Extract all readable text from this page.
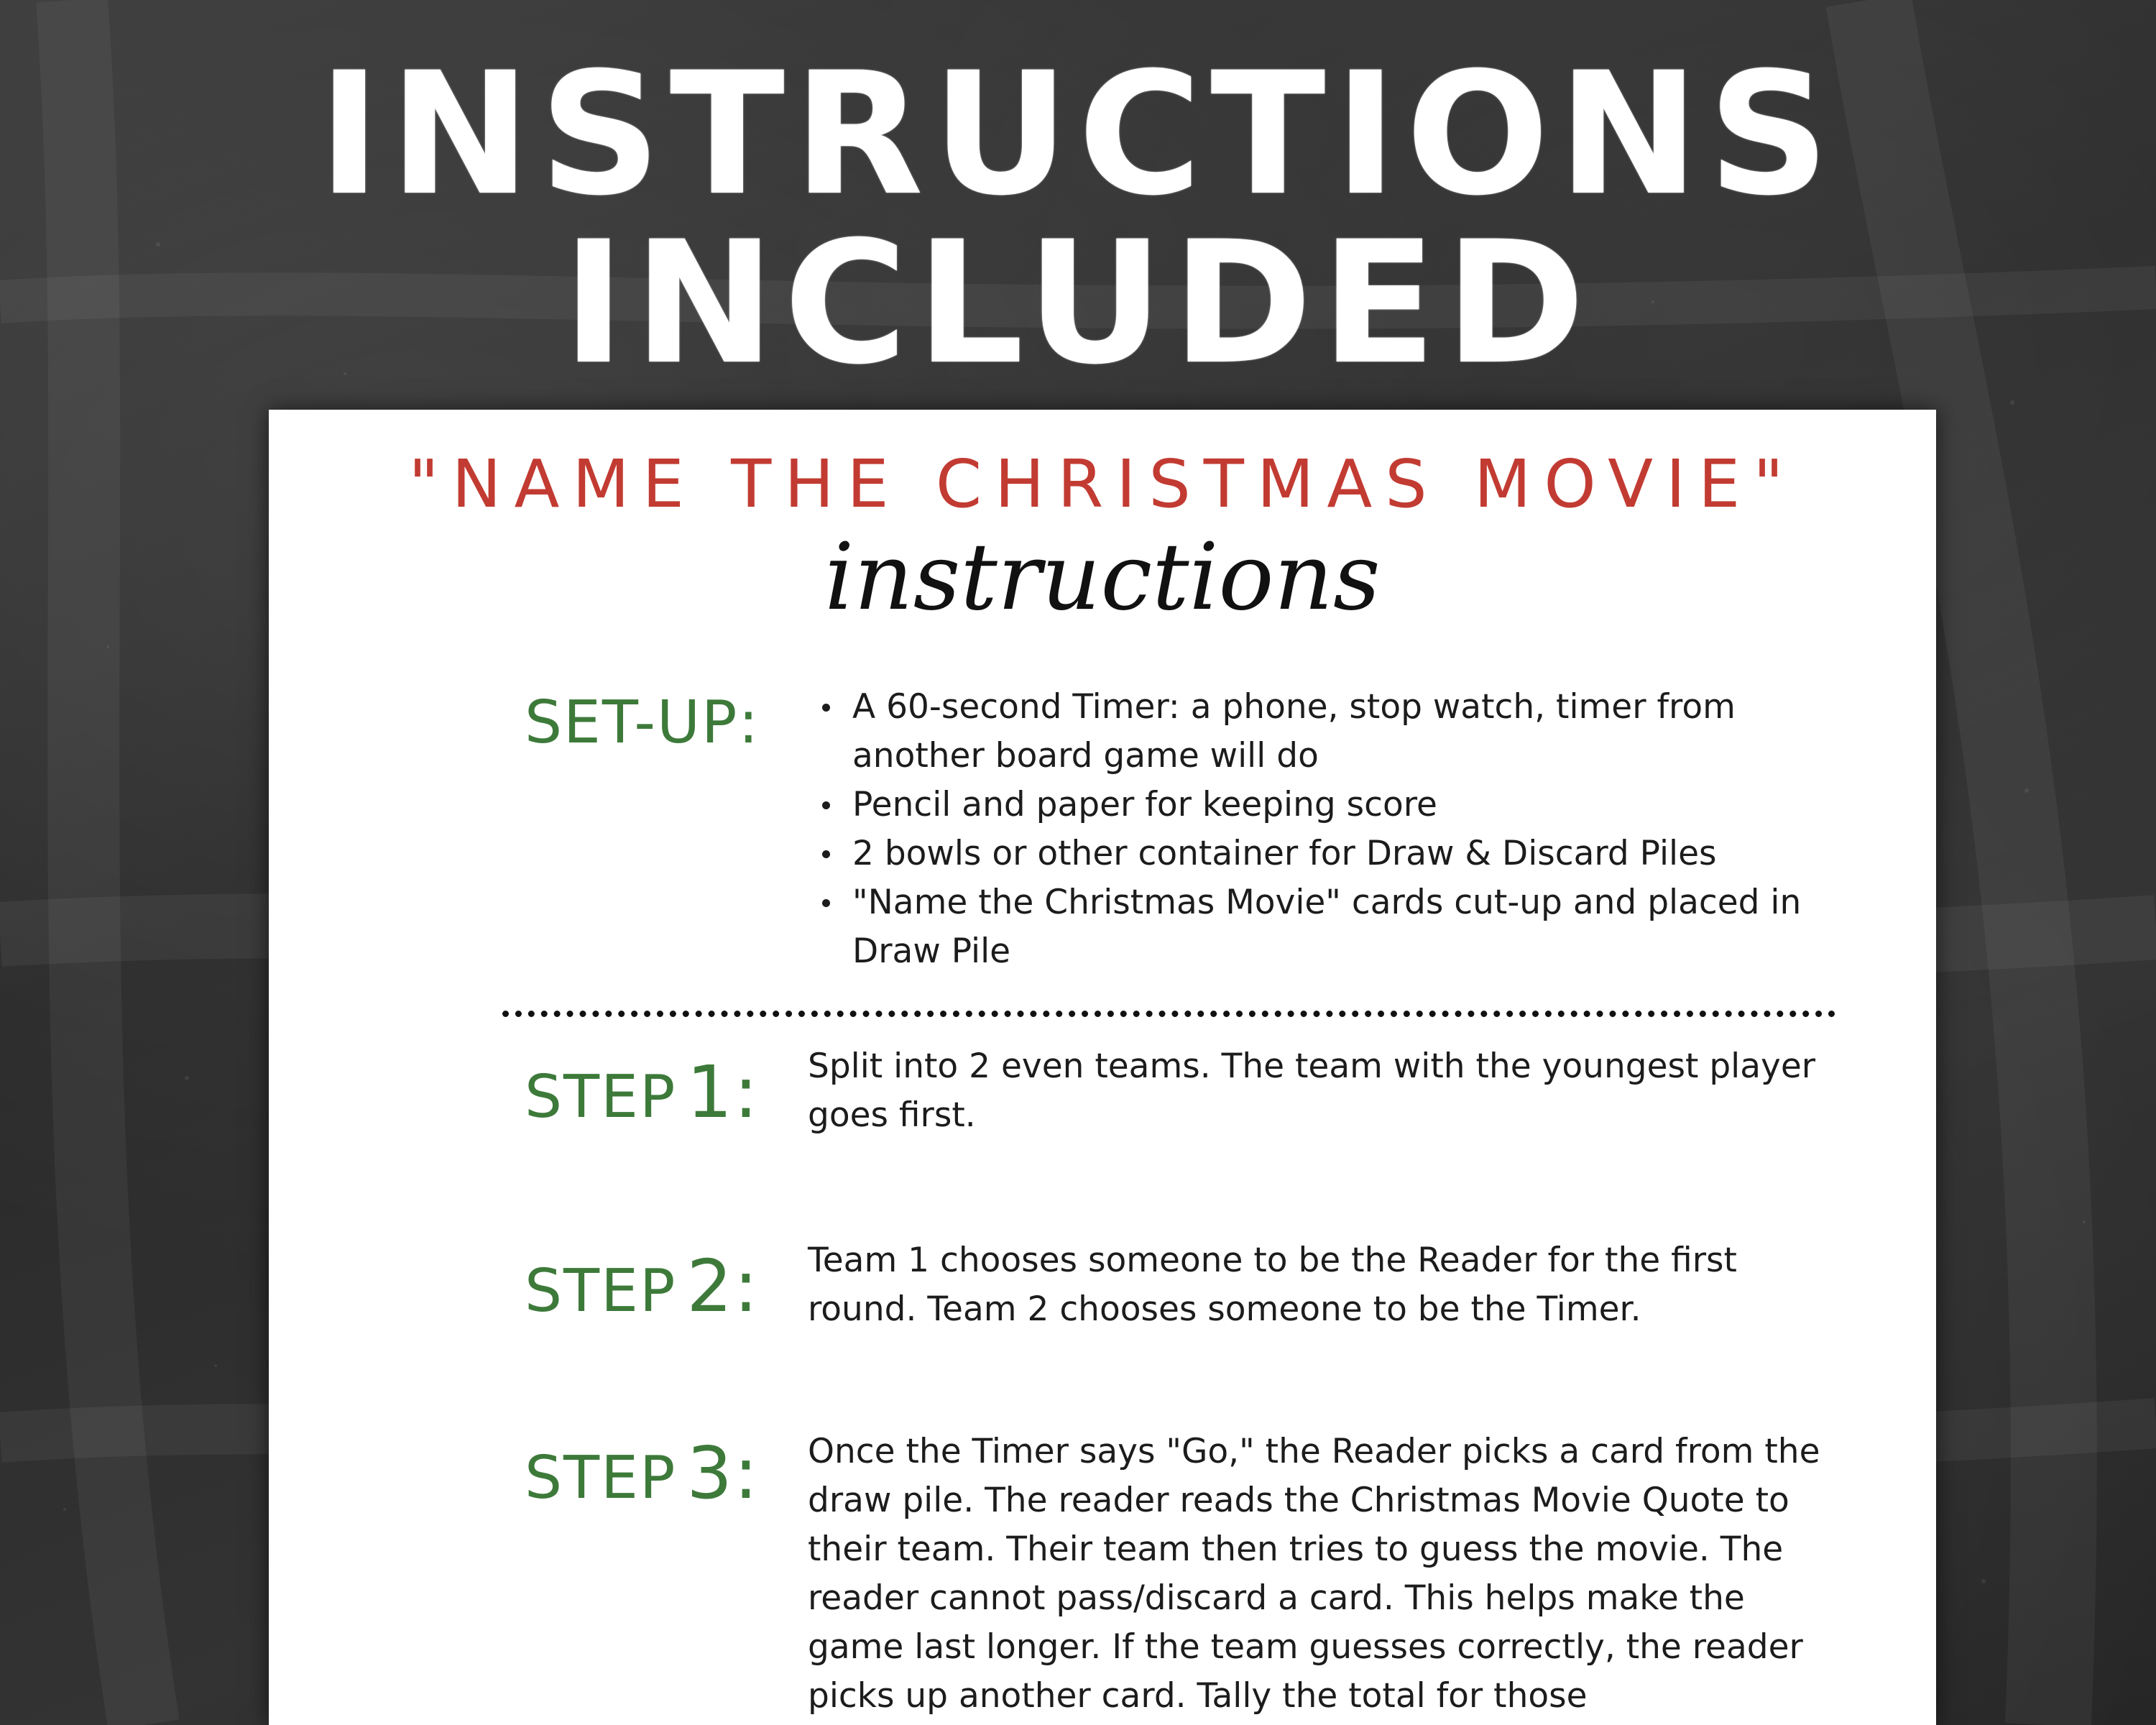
INSTRUCTIONS INCLUDED
"NAME THE CHRISTMAS MOVIE"
instructions
SET-UP:	A 60-second Timer: a phone, stop watch, timer from another board game will do
Pencil and paper for keeping score
2 bowls or other container for Draw & Discard Piles
"Name the Christmas Movie" cards cut-up and placed in Draw Pile
STEP 1: Split into 2 even teams. The team with the youngest player goes first.

STEP 2: Team 1 chooses someone to be the Reader for the first round. Team 2 chooses someone to be the Timer.

STEP 3: Once the Timer says "Go," the Reader picks a card from the draw pile. The reader reads the Christmas Movie Quote to their team. Their team then tries to guess the movie. The reader cannot pass/discard a card. This helps make the game last longer. If the team guesses correctly, the reader picks up another card. Tally the total for those
